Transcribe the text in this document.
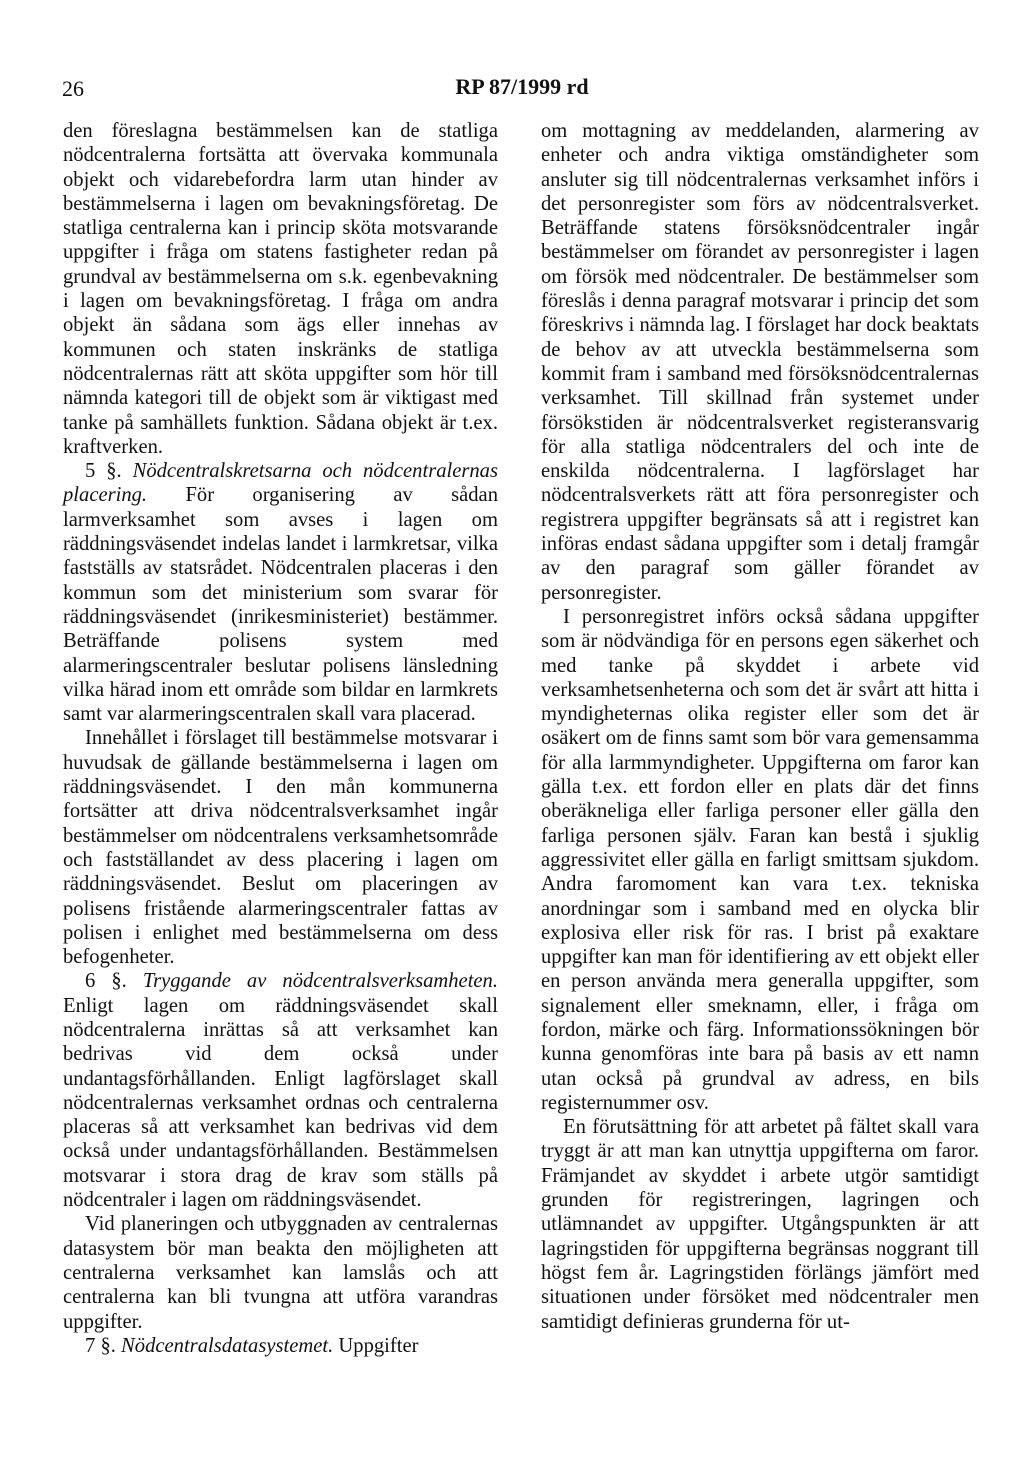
26	RP 87/1999 rd

den föreslagna bestämmelsen kan de statliga nödcentralerna fortsätta att övervaka kommunala objekt och vidarebefordra larm utan hinder av bestämmelserna i lagen om bevakningsföretag. De statliga centralerna kan i princip sköta motsvarande uppgifter i fråga om statens fastigheter redan på grundval av bestämmelserna om s.k. egenbevakning i lagen om bevakningsföretag. I fråga om andra objekt än sådana som ägs eller innehas av kommunen och staten inskränks de statliga nödcentralernas rätt att sköta uppgifter som hör till nämnda kategori till de objekt som är viktigast med tanke på samhällets funktion. Sådana objekt är t.ex. kraftverken.

5 §. Nödcentralskretsarna och nödcentralernas placering. För organisering av sådan larmverksamhet som avses i lagen om räddningsväsendet indelas landet i larmkretsar, vilka fastställs av statsrådet. Nödcentralen placeras i den kommun som det ministerium som svarar för räddningsväsendet (inrikesministeriet) bestämmer. Beträffande polisens system med alarmeringscentraler beslutar polisens länsledning vilka härad inom ett område som bildar en larmkrets samt var alarmeringscentralen skall vara placerad.

Innehållet i förslaget till bestämmelse motsvarar i huvudsak de gällande bestämmelserna i lagen om räddningsväsendet. I den mån kommunerna fortsätter att driva nödcentralsverksamhet ingår bestämmelser om nödcentralens verksamhetsområde och fastställandet av dess placering i lagen om räddningsväsendet. Beslut om placeringen av polisens fristående alarmeringscentraler fattas av polisen i enlighet med bestämmelserna om dess befogenheter.

6 §. Tryggande av nödcentralsverksamheten. Enligt lagen om räddningsväsendet skall nödcentralerna inrättas så att verksamhet kan bedrivas vid dem också under undantagsförhållanden. Enligt lagförslaget skall nödcentralernas verksamhet ordnas och centralerna placeras så att verksamhet kan bedrivas vid dem också under undantagsförhållanden. Bestämmelsen motsvarar i stora drag de krav som ställs på nödcentraler i lagen om räddningsväsendet.

Vid planeringen och utbyggnaden av centralernas datasystem bör man beakta den möjligheten att centralerna verksamhet kan lamslås och att centralerna kan bli tvungna att utföra varandras uppgifter.

7 §. Nödcentralsdatasystemet. Uppgifter

om mottagning av meddelanden, alarmering av enheter och andra viktiga omständigheter som ansluter sig till nödcentralernas verksamhet införs i det personregister som förs av nödcentralsverket. Beträffande statens försöksnödcentraler ingår bestämmelser om förandet av personregister i lagen om försök med nödcentraler. De bestämmelser som föreslås i denna paragraf motsvarar i princip det som föreskrivs i nämnda lag. I förslaget har dock beaktats de behov av att utveckla bestämmelserna som kommit fram i samband med försöksnödcentralernas verksamhet. Till skillnad från systemet under försökstiden är nödcentralsverket registeransvarig för alla statliga nödcentralers del och inte de enskilda nödcentralerna. I lagförslaget har nödcentralsverkets rätt att föra personregister och registrera uppgifter begränsats så att i registret kan införas endast sådana uppgifter som i detalj framgår av den paragraf som gäller förandet av personregister.

I personregistret införs också sådana uppgifter som är nödvändiga för en persons egen säkerhet och med tanke på skyddet i arbete vid verksamhetsenheterna och som det är svårt att hitta i myndigheternas olika register eller som det är osäkert om de finns samt som bör vara gemensamma för alla larmmyndigheter. Uppgifterna om faror kan gälla t.ex. ett fordon eller en plats där det finns oberäkneliga eller farliga personer eller gälla den farliga personen själv. Faran kan bestå i sjuklig aggressivitet eller gälla en farligt smittsam sjukdom. Andra faromoment kan vara t.ex. tekniska anordningar som i samband med en olycka blir explosiva eller risk för ras. I brist på exaktare uppgifter kan man för identifiering av ett objekt eller en person använda mera generalla uppgifter, som signalement eller smeknamn, eller, i fråga om fordon, märke och färg. Informationssökningen bör kunna genomföras inte bara på basis av ett namn utan också på grundval av adress, en bils registernummer osv.

En förutsättning för att arbetet på fältet skall vara tryggt är att man kan utnyttja uppgifterna om faror. Främjandet av skyddet i arbete utgör samtidigt grunden för registreringen, lagringen och utlämnandet av uppgifter. Utgångspunkten är att lagringstiden för uppgifterna begränsas noggrant till högst fem år. Lagringstiden förlängs jämfört med situationen under försöket med nödcentraler men samtidigt definieras grunderna för ut-
